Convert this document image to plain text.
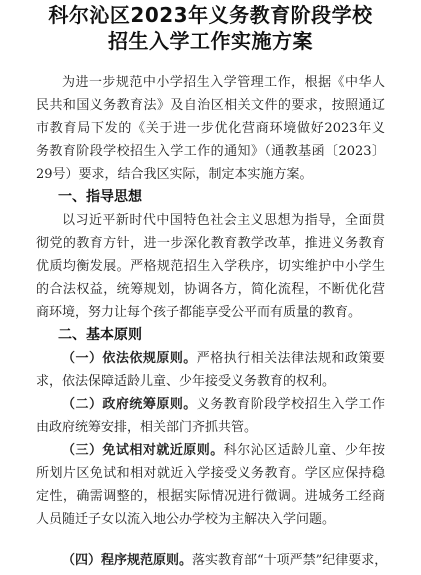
科尔沁区2023年义务教育阶段学校
招生入学工作实施方案
为进一步规范中小学招生入学管理工作，根据《中华人
民共和国义务教育法》及自治区相关文件的要求，按照通辽
市教育局下发的《关于进一步优化营商环境做好2023年义
务教育阶段学校招生入学工作的通知》（通教基函〔2023〕
29号）要求，结合我区实际，制定本实施方案。
一、指导思想
以习近平新时代中国特色社会主义思想为指导，全面贯
彻党的教育方针，进一步深化教育教学改革，推进义务教育
优质均衡发展。严格规范招生入学秩序，切实维护中小学生
的合法权益，统筹规划，协调各方，简化流程，不断优化营
商环境，努力让每个孩子都能享受公平而有质量的教育。
二、基本原则
（一）依法依规原则。严格执行相关法律法规和政策要
求，依法保障适龄儿童、少年接受义务教育的权利。
（二）政府统筹原则。义务教育阶段学校招生入学工作
由政府统筹安排，相关部门齐抓共管。
（三）免试相对就近原则。科尔沁区适龄儿童、少年按
所划片区免试和相对就近入学接受义务教育。学区应保持稳
定性，确需调整的，根据实际情况进行微调。进城务工经商
人员随迁子女以流入地公办学校为主解决入学问题。
（四）程序规范原则。落实教育部“十项严禁”纪律要求，
